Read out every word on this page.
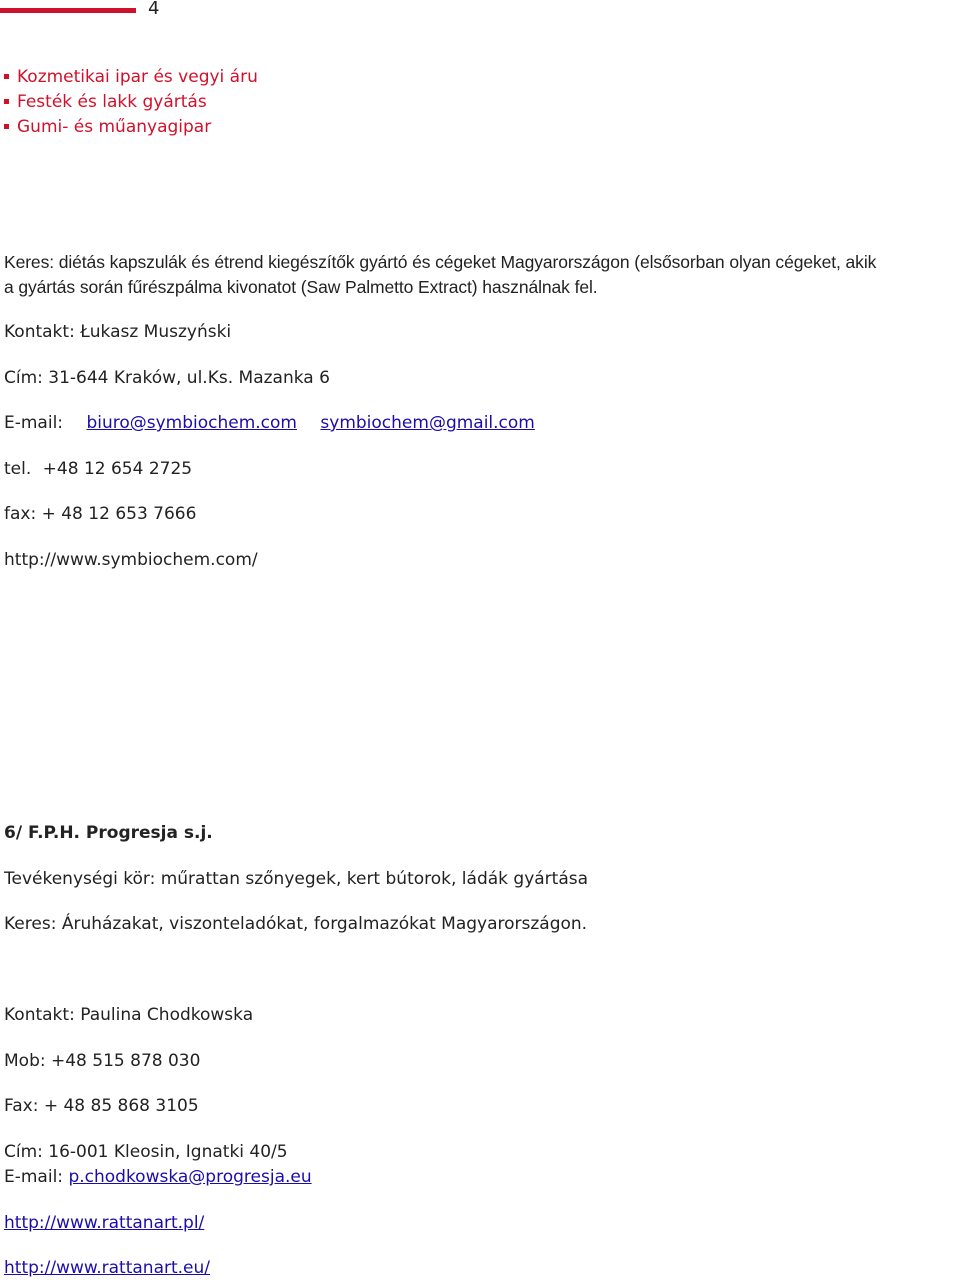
4
Kozmetikai ipar és vegyi áru
Festék és lakk gyártás
Gumi- és műanyagipar
Keres: diétás kapszulák és étrend kiegészítők gyártó és cégeket Magyarországon (elsősorban olyan cégeket, akik
a gyártás során fűrészpálma kivonatot (Saw Palmetto Extract) használnak fel.
Kontakt: Łukasz Muszyński
Cím: 31-644 Kraków, ul.Ks. Mazanka 6
E-mail: biuro@symbiochem.com symbiochem@gmail.com
tel. +48 12 654 2725
fax: + 48 12 653 7666
http://www.symbiochem.com/
6/ F.P.H. Progresja s.j.
Tevékenységi kör: műrattan szőnyegek, kert bútorok, ládák gyártása
Keres: Áruházakat, viszonteladókat, forgalmazókat Magyarországon.
Kontakt: Paulina Chodkowska
Mob: +48 515 878 030
Fax: + 48 85 868 3105
Cím: 16-001 Kleosin, Ignatki 40/5
E-mail: p.chodkowska@progresja.eu
http://www.rattanart.pl/
http://www.rattanart.eu/
